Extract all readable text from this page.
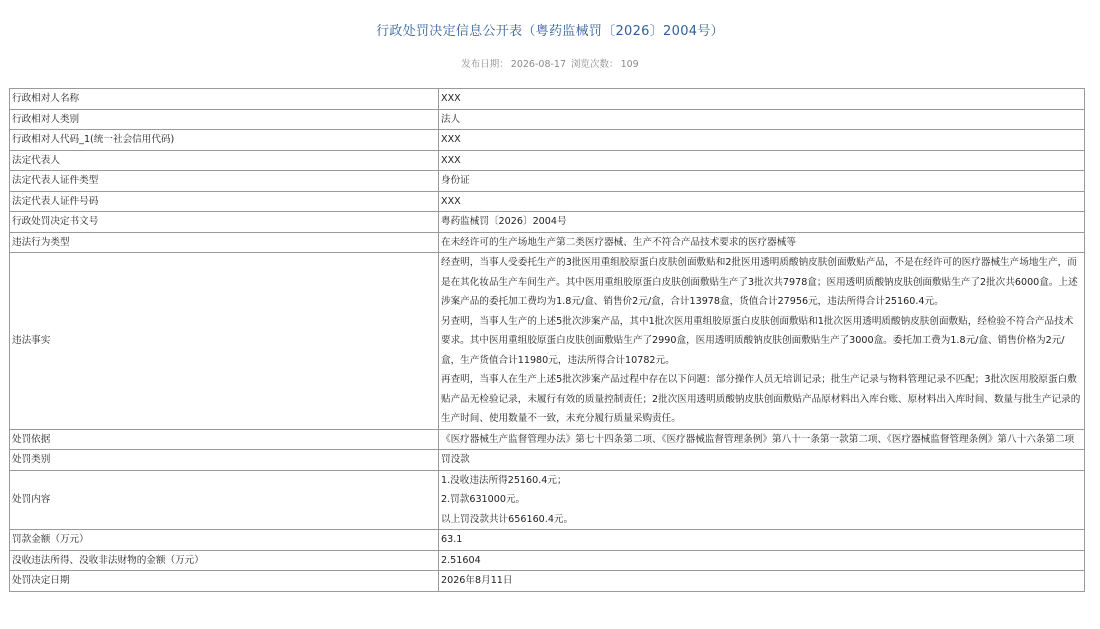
行政处罚决定信息公开表（粤药监械罚〔2026〕2004号）
发布日期： 2026-08-17 浏览次数： 109
行政相对人名称	XXX
行政相对人类别	法人
行政相对人代码_1(统一社会信用代码)	XXX
法定代表人	XXX
法定代表人证件类型	身份证
法定代表人证件号码	XXX
行政处罚决定书文号	粤药监械罚〔2026〕2004号
违法行为类型	在未经许可的生产场地生产第二类医疗器械、生产不符合产品技术要求的医疗器械等
违法事实	经查明，当事人受委托生产的3批医用重组胶原蛋白皮肤创面敷贴和2批医用透明质酸钠皮肤创面敷贴产品，不是在经许可的医疗器械生产场地生产，而是在其化妆品生产车间生产。其中医用重组胶原蛋白皮肤创面敷贴生产了3批次共7978盒；医用透明质酸钠皮肤创面敷贴生产了2批次共6000盒。上述涉案产品的委托加工费均为1.8元/盒、销售价2元/盒，合计13978盒，货值合计27956元，违法所得合计25160.4元。

另查明，当事人生产的上述5批次涉案产品，其中1批次医用重组胶原蛋白皮肤创面敷贴和1批次医用透明质酸钠皮肤创面敷贴，经检验不符合产品技术要求。其中医用重组胶原蛋白皮肤创面敷贴生产了2990盒，医用透明质酸钠皮肤创面敷贴生产了3000盒。委托加工费为1.8元/盒、销售价格为2元/盒，生产货值合计11980元，违法所得合计10782元。

再查明，当事人在生产上述5批次涉案产品过程中存在以下问题：部分操作人员无培训记录；批生产记录与物料管理记录不匹配；3批次医用胶原蛋白敷贴产品无检验记录，未履行有效的质量控制责任；2批次医用透明质酸钠皮肤创面敷贴产品原材料出入库台账、原材料出入库时间、数量与批生产记录的生产时间、使用数量不一致，未充分履行质量采购责任。

处罚依据	《医疗器械生产监督管理办法》第七十四条第二项、《医疗器械监督管理条例》第八十一条第一款第二项、《医疗器械监督管理条例》第八十六条第二项
处罚类别	罚没款
处罚内容	1.没收违法所得25160.4元；

2.罚款631000元。

以上罚没款共计656160.4元。

罚款金额（万元）	63.1
没收违法所得、没收非法财物的金额（万元）	2.51604
处罚决定日期	2026年8月11日
